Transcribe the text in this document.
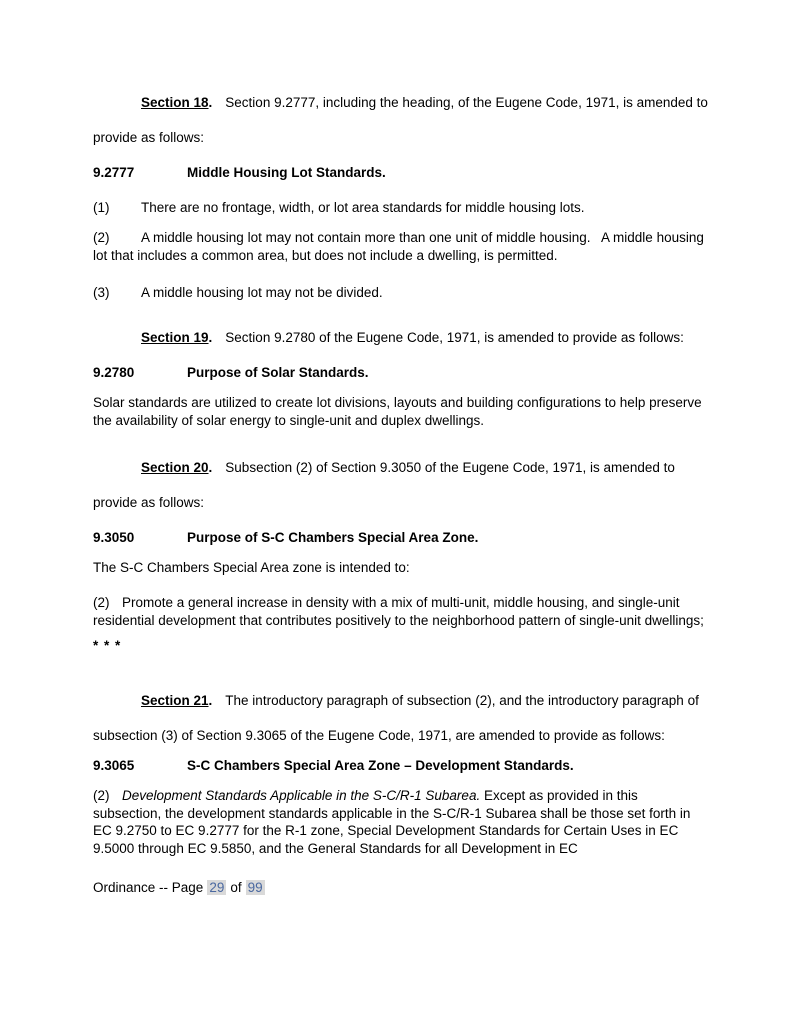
Section 18. Section 9.2777, including the heading, of the Eugene Code, 1971, is amended to provide as follows:

9.2777	Middle Housing Lot Standards.

(1) There are no frontage, width, or lot area standards for middle housing lots.

(2) A middle housing lot may not contain more than one unit of middle housing.   A middle housing lot that includes a common area, but does not include a dwelling, is permitted.

(3) A middle housing lot may not be divided.

Section 19. Section 9.2780 of the Eugene Code, 1971, is amended to provide as follows:

9.2780	Purpose of Solar Standards.

Solar standards are utilized to create lot divisions, layouts and building configurations to help preserve the availability of solar energy to single-unit and duplex dwellings.

Section 20. Subsection (2) of Section 9.3050 of the Eugene Code, 1971, is amended to provide as follows:

9.3050	Purpose of S-C Chambers Special Area Zone.

The S-C Chambers Special Area zone is intended to:

(2) Promote a general increase in density with a mix of multi-unit, middle housing, and single-unit residential development that contributes positively to the neighborhood pattern of single-unit dwellings;

* * *

Section 21. The introductory paragraph of subsection (2), and the introductory paragraph of subsection (3) of Section 9.3065 of the Eugene Code, 1971, are amended to provide as follows:

9.3065	S-C Chambers Special Area Zone – Development Standards.

(2) Development Standards Applicable in the S-C/R-1 Subarea. Except as provided in this subsection, the development standards applicable in the S-C/R-1 Subarea shall be those set forth in EC 9.2750 to EC 9.2777 for the R-1 zone, Special Development Standards for Certain Uses in EC 9.5000 through EC 9.5850, and the General Standards for all Development in EC

Ordinance -- Page 29 of 99
